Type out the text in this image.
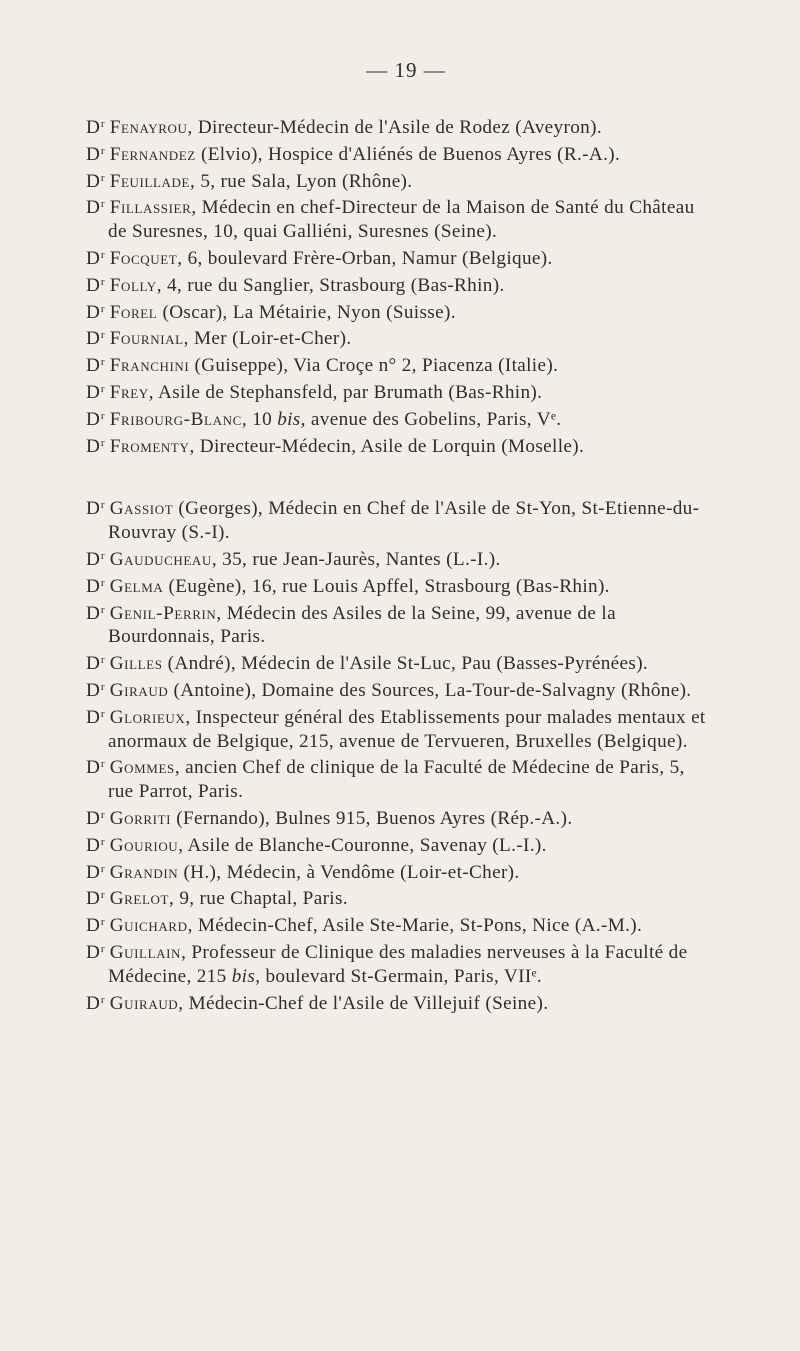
— 19 —

$D^r$ Fenayrou, Directeur-Médecin de l'Asile de Rodez (Aveyron).

$D^r$ Fernandez (Elvio), Hospice d'Aliénés de Buenos Ayres (R.-A.).

$D^r$ Feuillade, 5, rue Sala, Lyon (Rhône).

$D^r$ Fillassier, Médecin en chef-Directeur de la Maison de Santé du Château de Suresnes, 10, quai Galliéni, Suresnes (Seine).

$D^r$ Focquet, 6, boulevard Frère-Orban, Namur (Belgique).

$D^r$ Folly, 4, rue du Sanglier, Strasbourg (Bas-Rhin).

$D^r$ Forel (Oscar), La Métairie, Nyon (Suisse).

$D^r$ Fournial, Mer (Loir-et-Cher).

$D^r$ Franchini (Guiseppe), Via Croçe n° 2, Piacenza (Italie).

$D^r$ Frey, Asile de Stephansfeld, par Brumath (Bas-Rhin).

$D^r$ Fribourg-Blanc, 10 bis, avenue des Gobelins, Paris, Vᵉ.

$D^r$ Fromenty, Directeur-Médecin, Asile de Lorquin (Moselle).

$D^r$ Gassiot (Georges), Médecin en Chef de l'Asile de St-Yon, St-Etienne-du-Rouvray (S.-I).

$D^r$ Gauducheau, 35, rue Jean-Jaurès, Nantes (L.-I.).

$D^r$ Gelma (Eugène), 16, rue Louis Apffel, Strasbourg (Bas-Rhin).

$D^r$ Genil-Perrin, Médecin des Asiles de la Seine, 99, avenue de la Bourdonnais, Paris.

$D^r$ Gilles (André), Médecin de l'Asile St-Luc, Pau (Basses-Pyrénées).

$D^r$ Giraud (Antoine), Domaine des Sources, La-Tour-de-Salvagny (Rhône).

$D^r$ Glorieux, Inspecteur général des Etablissements pour malades mentaux et anormaux de Belgique, 215, avenue de Tervueren, Bruxelles (Belgique).

$D^r$ Gommes, ancien Chef de clinique de la Faculté de Médecine de Paris, 5, rue Parrot, Paris.

$D^r$ Gorriti (Fernando), Bulnes 915, Buenos Ayres (Rép.-A.).

$D^r$ Gouriou, Asile de Blanche-Couronne, Savenay (L.-I.).

$D^r$ Grandin (H.), Médecin, à Vendôme (Loir-et-Cher).

$D^r$ Grelot, 9, rue Chaptal, Paris.

$D^r$ Guichard, Médecin-Chef, Asile Ste-Marie, St-Pons, Nice (A.-M.).

$D^r$ Guillain, Professeur de Clinique des maladies nerveuses à la Faculté de Médecine, 215 bis, boulevard St-Germain, Paris, VIIᵉ.

$D^r$ Guiraud, Médecin-Chef de l'Asile de Villejuif (Seine).
